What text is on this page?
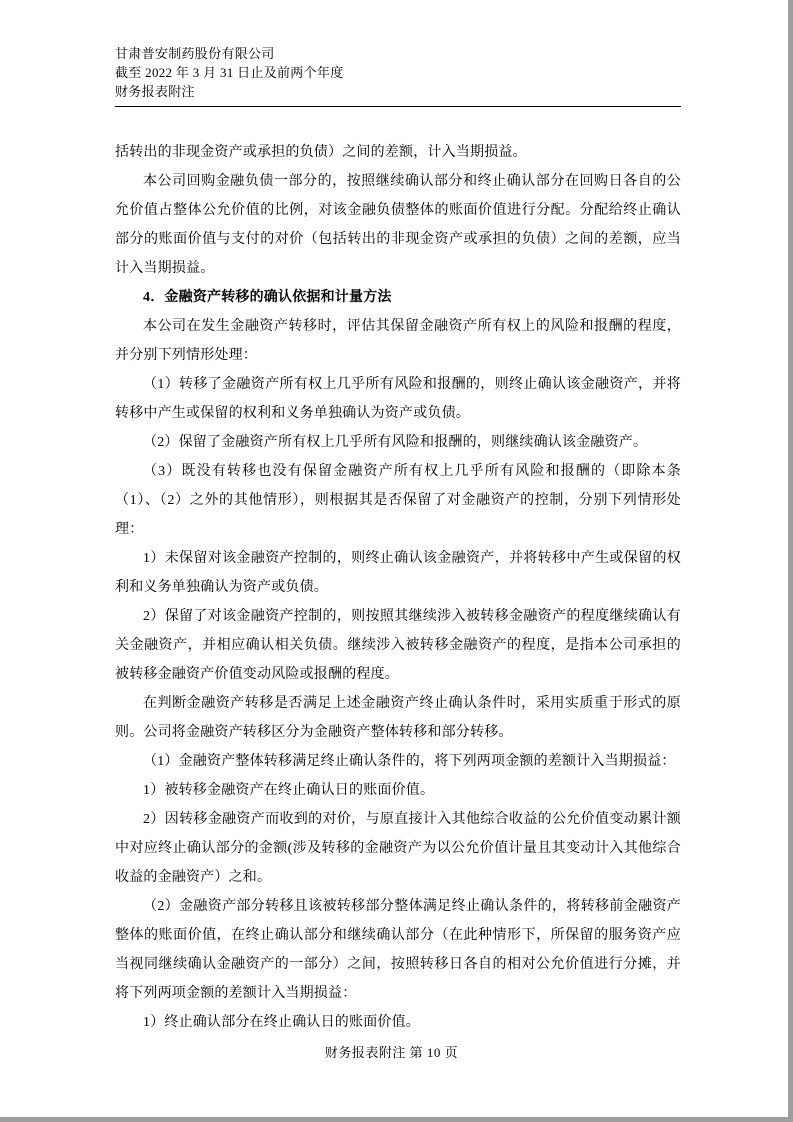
甘肃普安制药股份有限公司
截至 2022 年 3 月 31 日止及前两个年度
财务报表附注

括转出的非现金资产或承担的负债）之间的差额，计入当期损益。

本公司回购金融负债一部分的，按照继续确认部分和终止确认部分在回购日各自的公允价值占整体公允价值的比例，对该金融负债整体的账面价值进行分配。分配给终止确认部分的账面价值与支付的对价（包括转出的非现金资产或承担的负债）之间的差额，应当计入当期损益。

4．金融资产转移的确认依据和计量方法

本公司在发生金融资产转移时，评估其保留金融资产所有权上的风险和报酬的程度，并分别下列情形处理：

（1）转移了金融资产所有权上几乎所有风险和报酬的，则终止确认该金融资产，并将转移中产生或保留的权利和义务单独确认为资产或负债。

（2）保留了金融资产所有权上几乎所有风险和报酬的，则继续确认该金融资产。

（3）既没有转移也没有保留金融资产所有权上几乎所有风险和报酬的（即除本条（1）、（2）之外的其他情形），则根据其是否保留了对金融资产的控制，分别下列情形处理：

1）未保留对该金融资产控制的，则终止确认该金融资产，并将转移中产生或保留的权利和义务单独确认为资产或负债。

2）保留了对该金融资产控制的，则按照其继续涉入被转移金融资产的程度继续确认有关金融资产，并相应确认相关负债。继续涉入被转移金融资产的程度，是指本公司承担的被转移金融资产价值变动风险或报酬的程度。

在判断金融资产转移是否满足上述金融资产终止确认条件时，采用实质重于形式的原则。公司将金融资产转移区分为金融资产整体转移和部分转移。

（1）金融资产整体转移满足终止确认条件的，将下列两项金额的差额计入当期损益：

1）被转移金融资产在终止确认日的账面价值。

2）因转移金融资产而收到的对价，与原直接计入其他综合收益的公允价值变动累计额中对应终止确认部分的金额(涉及转移的金融资产为以公允价值计量且其变动计入其他综合收益的金融资产）之和。

（2）金融资产部分转移且该被转移部分整体满足终止确认条件的，将转移前金融资产整体的账面价值，在终止确认部分和继续确认部分（在此种情形下，所保留的服务资产应当视同继续确认金融资产的一部分）之间，按照转移日各自的相对公允价值进行分摊，并将下列两项金额的差额计入当期损益：

1）终止确认部分在终止确认日的账面价值。

财务报表附注 第 10 页
